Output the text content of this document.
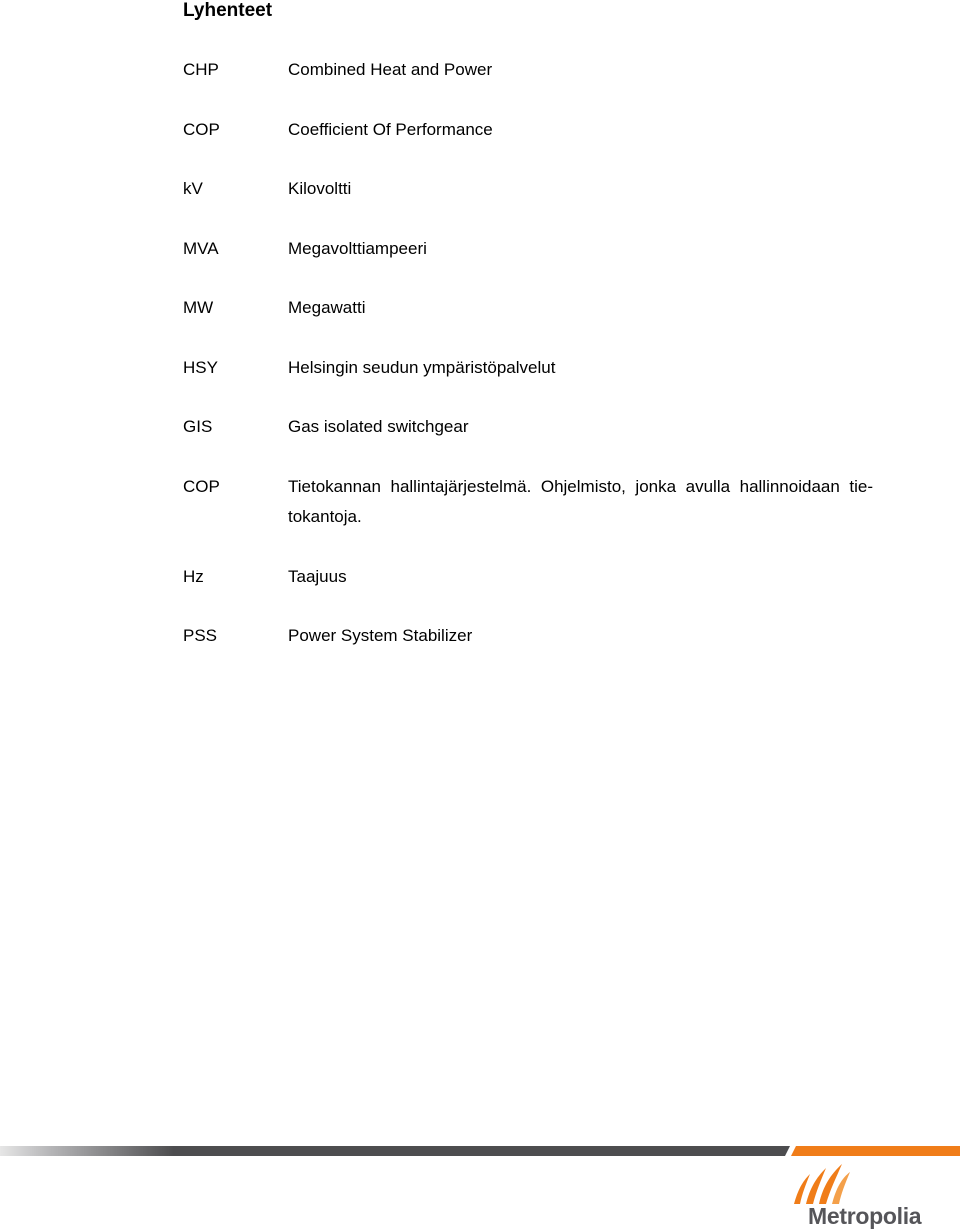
Lyhenteet
CHP	Combined Heat and Power
COP	Coefficient Of Performance
kV	Kilovoltti
MVA	Megavolttiampeeri
MW	Megawatti
HSY	Helsingin seudun ympäristöpalvelut
GIS	Gas isolated switchgear
COP	Tietokannan hallintajärjestelmä. Ohjelmisto, jonka avulla hallinnoidaan tie-tokantoja.
Hz	Taajuus
PSS	Power System Stabilizer
Metropolia
